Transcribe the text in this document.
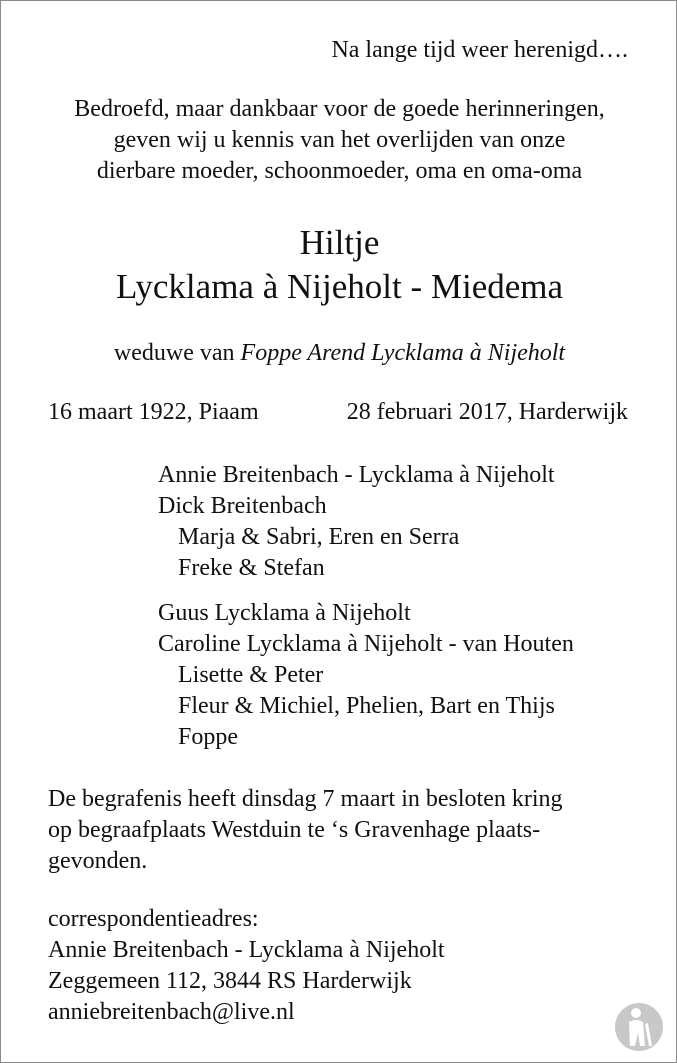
Na lange tijd weer herenigd….
Bedroefd, maar dankbaar voor de goede herinneringen,
geven wij u kennis van het overlijden van onze
dierbare moeder, schoonmoeder, oma en oma-oma
Hiltje
Lycklama à Nijeholt - Miedema
weduwe van Foppe Arend Lycklama à Nijeholt
16 maart 1922, Piaam	28 februari 2017, Harderwijk
Annie Breitenbach - Lycklama à Nijeholt
Dick Breitenbach
Marja & Sabri, Eren en Serra
Freke & Stefan
Guus Lycklama à Nijeholt
Caroline Lycklama à Nijeholt - van Houten
Lisette & Peter
Fleur & Michiel, Phelien, Bart en Thijs
Foppe
De begrafenis heeft dinsdag 7 maart in besloten kring
op begraafplaats Westduin te ‘s Gravenhage plaats-
gevonden.
correspondentieadres:
Annie Breitenbach - Lycklama à Nijeholt
Zeggemeen 112, 3844 RS Harderwijk
anniebreitenbach@live.nl
